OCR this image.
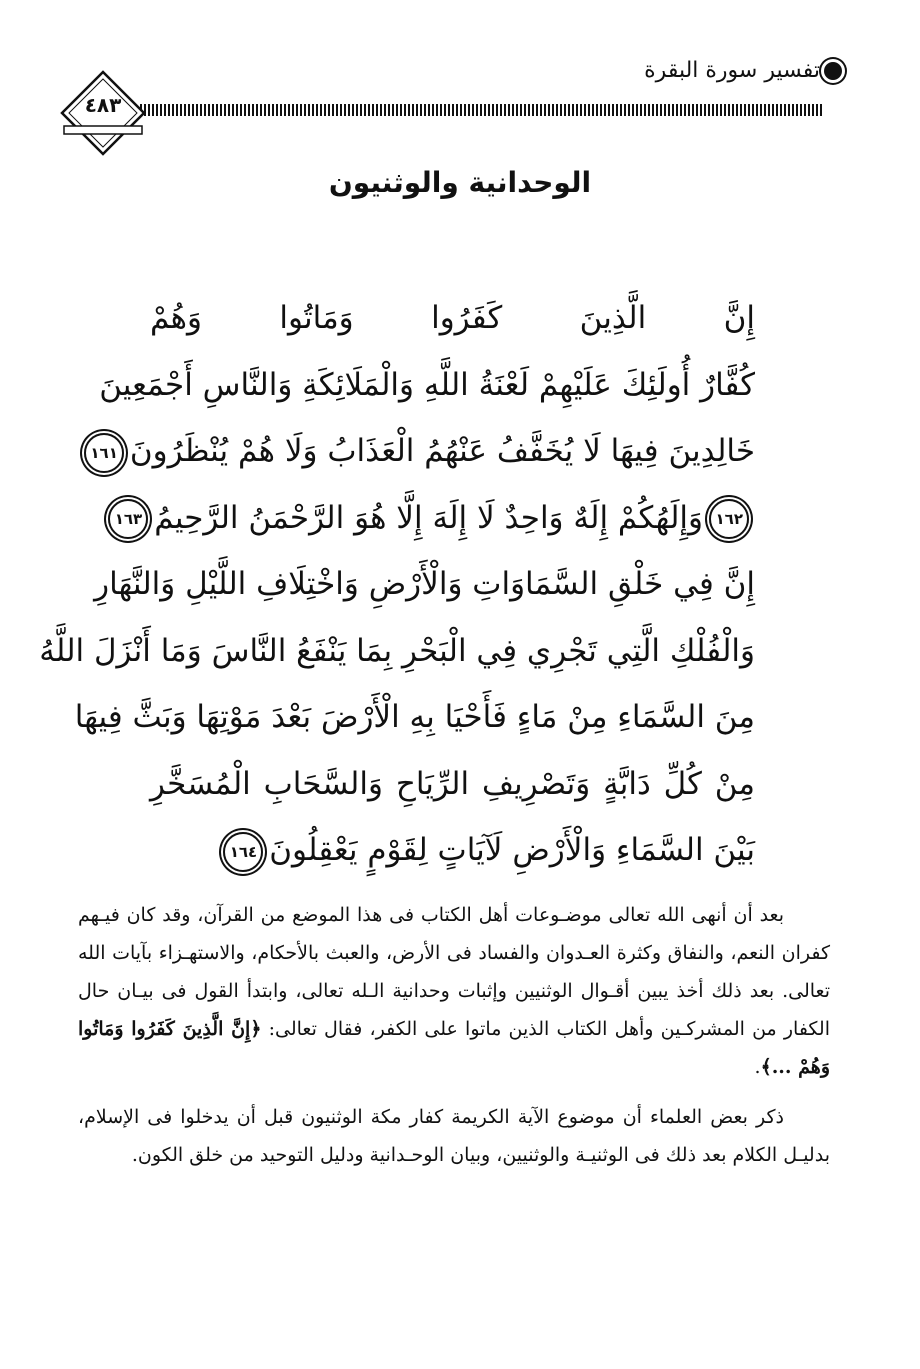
تفسير سورة البقرة
٤٨٣
الوحدانية والوثنيون
إِنَّ الَّذِينَ كَفَرُوا وَمَاتُوا وَهُمْ
كُفَّارٌ أُولَئِكَ عَلَيْهِمْ لَعْنَةُ اللَّهِ وَالْمَلَائِكَةِ وَالنَّاسِ أَجْمَعِينَ
خَالِدِينَ فِيهَا لَا يُخَفَّفُ عَنْهُمُ الْعَذَابُ وَلَا هُمْ يُنْظَرُونَ١٦١
١٦٢وَإِلَهُكُمْ إِلَهٌ وَاحِدٌ لَا إِلَهَ إِلَّا هُوَ الرَّحْمَنُ الرَّحِيمُ١٦٣
إِنَّ فِي خَلْقِ السَّمَاوَاتِ وَالْأَرْضِ وَاخْتِلَافِ اللَّيْلِ وَالنَّهَارِ
وَالْفُلْكِ الَّتِي تَجْرِي فِي الْبَحْرِ بِمَا يَنْفَعُ النَّاسَ وَمَا أَنْزَلَ اللَّهُ
مِنَ السَّمَاءِ مِنْ مَاءٍ فَأَحْيَا بِهِ الْأَرْضَ بَعْدَ مَوْتِهَا وَبَثَّ فِيهَا
مِنْ كُلِّ دَابَّةٍ وَتَصْرِيفِ الرِّيَاحِ وَالسَّحَابِ الْمُسَخَّرِ
بَيْنَ السَّمَاءِ وَالْأَرْضِ لَآيَاتٍ لِقَوْمٍ يَعْقِلُونَ١٦٤

بعد أن أنهى الله تعالى موضـوعات أهل الكتاب فى هذا الموضع من القرآن، وقد كان فيـهم كفران النعم، والنفاق وكثرة العـدوان والفساد فى الأرض، والعبث بالأحكام، والاستهـزاء بآيات الله تعالى. بعد ذلك أخذ يبين أقـوال الوثنيين وإثبات وحدانية الـله تعالى، وابتدأ القول فى بيـان حال الكفار من المشركـين وأهل الكتاب الذين ماتوا على الكفر، فقال تعالى: ﴿إِنَّ الَّذِينَ كَفَرُوا وَمَاتُوا وَهُمْ ...﴾.

ذكر بعض العلماء أن موضوع الآية الكريمة كفار مكة الوثنيون قبل أن يدخلوا فى الإسلام، بدليـل الكلام بعد ذلك فى الوثنيـة والوثنيين، وبيان الوحـدانية ودليل التوحيد من خلق الكون.
